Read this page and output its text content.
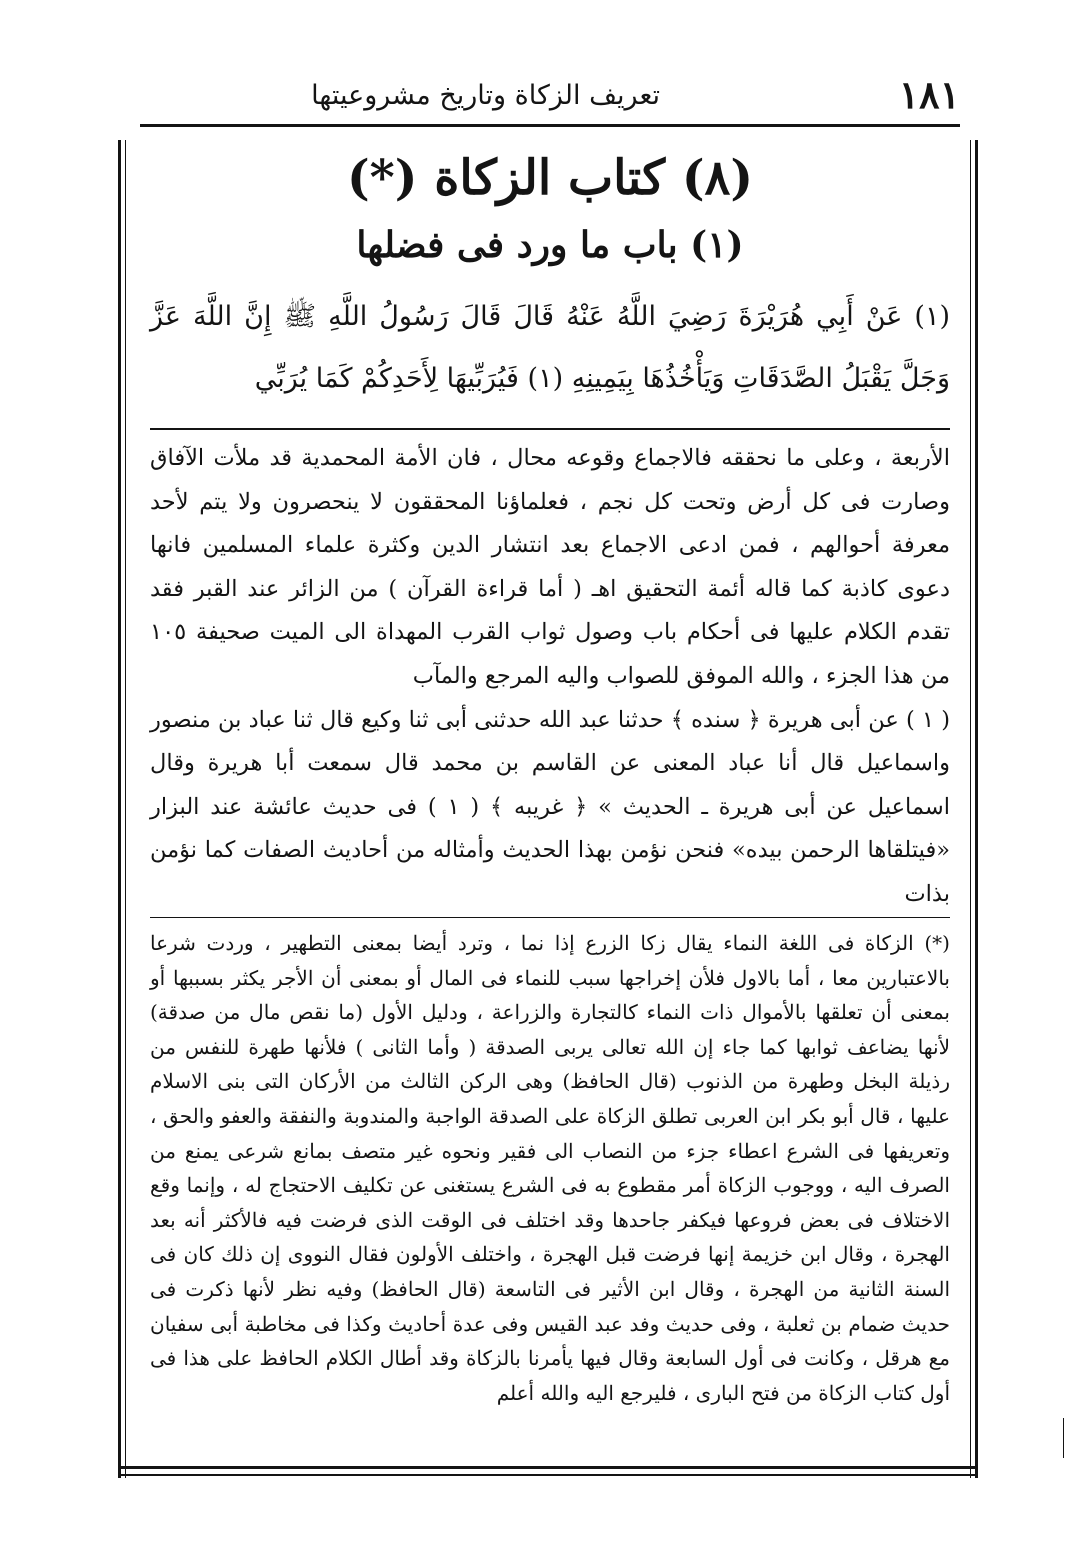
١٨١
تعريف الزكاة وتاريخ مشروعيتها
(٨) كتاب الزكاة (*)
(١) باب ما ورد فى فضلها
(١) عَنْ أَبِي هُرَيْرَةَ رَضِيَ اللَّهُ عَنْهُ قَالَ قَالَ رَسُولُ اللَّهِ ﷺ إِنَّ اللَّهَ عَزَّ وَجَلَّ يَقْبَلُ الصَّدَقَاتِ وَيَأْخُذُهَا بِيَمِينِهِ (١) فَيُرَبِّيهَا لِأَحَدِكُمْ كَمَا يُرَبِّي

الأربعة ، وعلى ما نحققه فالاجماع وقوعه محال ، فان الأمة المحمدية قد ملأت الآفاق وصارت فى كل أرض وتحت كل نجم ، فعلماؤنا المحققون لا ينحصرون ولا يتم لأحد معرفة أحوالهم ، فمن ادعى الاجماع بعد انتشار الدين وكثرة علماء المسلمين فانها دعوى كاذبة كما قاله أئمة التحقيق اهـ ( أما قراءة القرآن ) من الزائر عند القبر فقد تقدم الكلام عليها فى أحكام باب وصول ثواب القرب المهداة الى الميت صحيفة ١٠٥ من هذا الجزء ، والله الموفق للصواب واليه المرجع والمآب

( ١ ) عن أبى هريرة ﴿ سنده ﴾ حدثنا عبد الله حدثنى أبى ثنا وكيع قال ثنا عباد بن منصور واسماعيل قال أنا عباد المعنى عن القاسم بن محمد قال سمعت أبا هريرة وقال اسماعيل عن أبى هريرة ـ الحديث » ﴿ غريبه ﴾ ( ١ ) فى حديث عائشة عند البزار «فيتلقاها الرحمن بيده» فنحن نؤمن بهذا الحديث وأمثاله من أحاديث الصفات كما نؤمن بذات

(*) الزكاة فى اللغة النماء يقال زكا الزرع إذا نما ، وترد أيضا بمعنى التطهير ، وردت شرعا بالاعتبارين معا ، أما بالاول فلأن إخراجها سبب للنماء فى المال أو بمعنى أن الأجر يكثر بسببها أو بمعنى أن تعلقها بالأموال ذات النماء كالتجارة والزراعة ، ودليل الأول (ما نقص مال من صدقة) لأنها يضاعف ثوابها كما جاء إن الله تعالى يربى الصدقة ( وأما الثانى ) فلأنها طهرة للنفس من رذيلة البخل وطهرة من الذنوب (قال الحافظ) وهى الركن الثالث من الأركان التى بنى الاسلام عليها ، قال أبو بكر ابن العربى تطلق الزكاة على الصدقة الواجبة والمندوبة والنفقة والعفو والحق ، وتعريفها فى الشرع اعطاء جزء من النصاب الى فقير ونحوه غير متصف بمانع شرعى يمنع من الصرف اليه ، ووجوب الزكاة أمر مقطوع به فى الشرع يستغنى عن تكليف الاحتجاج له ، وإنما وقع الاختلاف فى بعض فروعها فيكفر جاحدها وقد اختلف فى الوقت الذى فرضت فيه فالأكثر أنه بعد الهجرة ، وقال ابن خزيمة إنها فرضت قبل الهجرة ، واختلف الأولون فقال النووى إن ذلك كان فى السنة الثانية من الهجرة ، وقال ابن الأثير فى التاسعة (قال الحافظ) وفيه نظر لأنها ذكرت فى حديث ضمام بن ثعلبة ، وفى حديث وفد عبد القيس وفى عدة أحاديث وكذا فى مخاطبة أبى سفيان مع هرقل ، وكانت فى أول السابعة وقال فيها يأمرنا بالزكاة وقد أطال الكلام الحافظ على هذا فى أول كتاب الزكاة من فتح البارى ، فليرجع اليه والله أعلم
